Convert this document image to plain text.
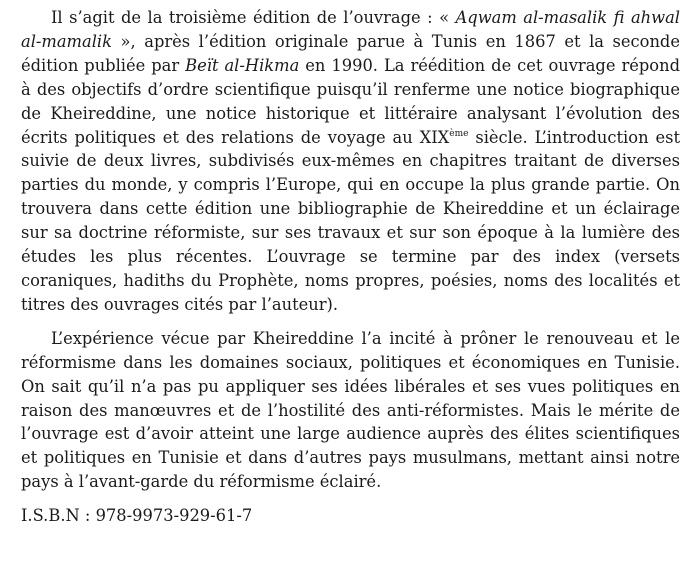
Il s’agit de la troisième édition de l’ouvrage : « Aqwam al-masalik fi ahwal al-mamalik », après l’édition originale parue à Tunis en 1867 et la seconde édition publiée par Beït al-Hikma en 1990. La réédition de cet ouvrage répond à des objectifs d’ordre scientifique puisqu’il renferme une notice biographique de Kheireddine, une notice historique et littéraire analysant l’évolution des écrits politiques et des relations de voyage au XIXème siècle. L’introduction est suivie de deux livres, subdivisés eux-mêmes en chapitres traitant de diverses parties du monde, y compris l’Europe, qui en occupe la plus grande partie. On trouvera dans cette édition une bibliographie de Kheireddine et un éclairage sur sa doctrine réformiste, sur ses travaux et sur son époque à la lumière des études les plus récentes. L’ouvrage se termine par des index (versets coraniques, hadiths du Prophète, noms propres, poésies, noms des localités et titres des ouvrages cités par l’auteur).

L’expérience vécue par Kheireddine l’a incité à prôner le renouveau et le réformisme dans les domaines sociaux, politiques et économiques en Tunisie. On sait qu’il n’a pas pu appliquer ses idées libérales et ses vues politiques en raison des manœuvres et de l’hostilité des anti-réformistes. Mais le mérite de l’ouvrage est d’avoir atteint une large audience auprès des élites scientifiques et politiques en Tunisie et dans d’autres pays musulmans, mettant ainsi notre pays à l’avant-garde du réformisme éclairé.

I.S.B.N : 978-9973-929-61-7
